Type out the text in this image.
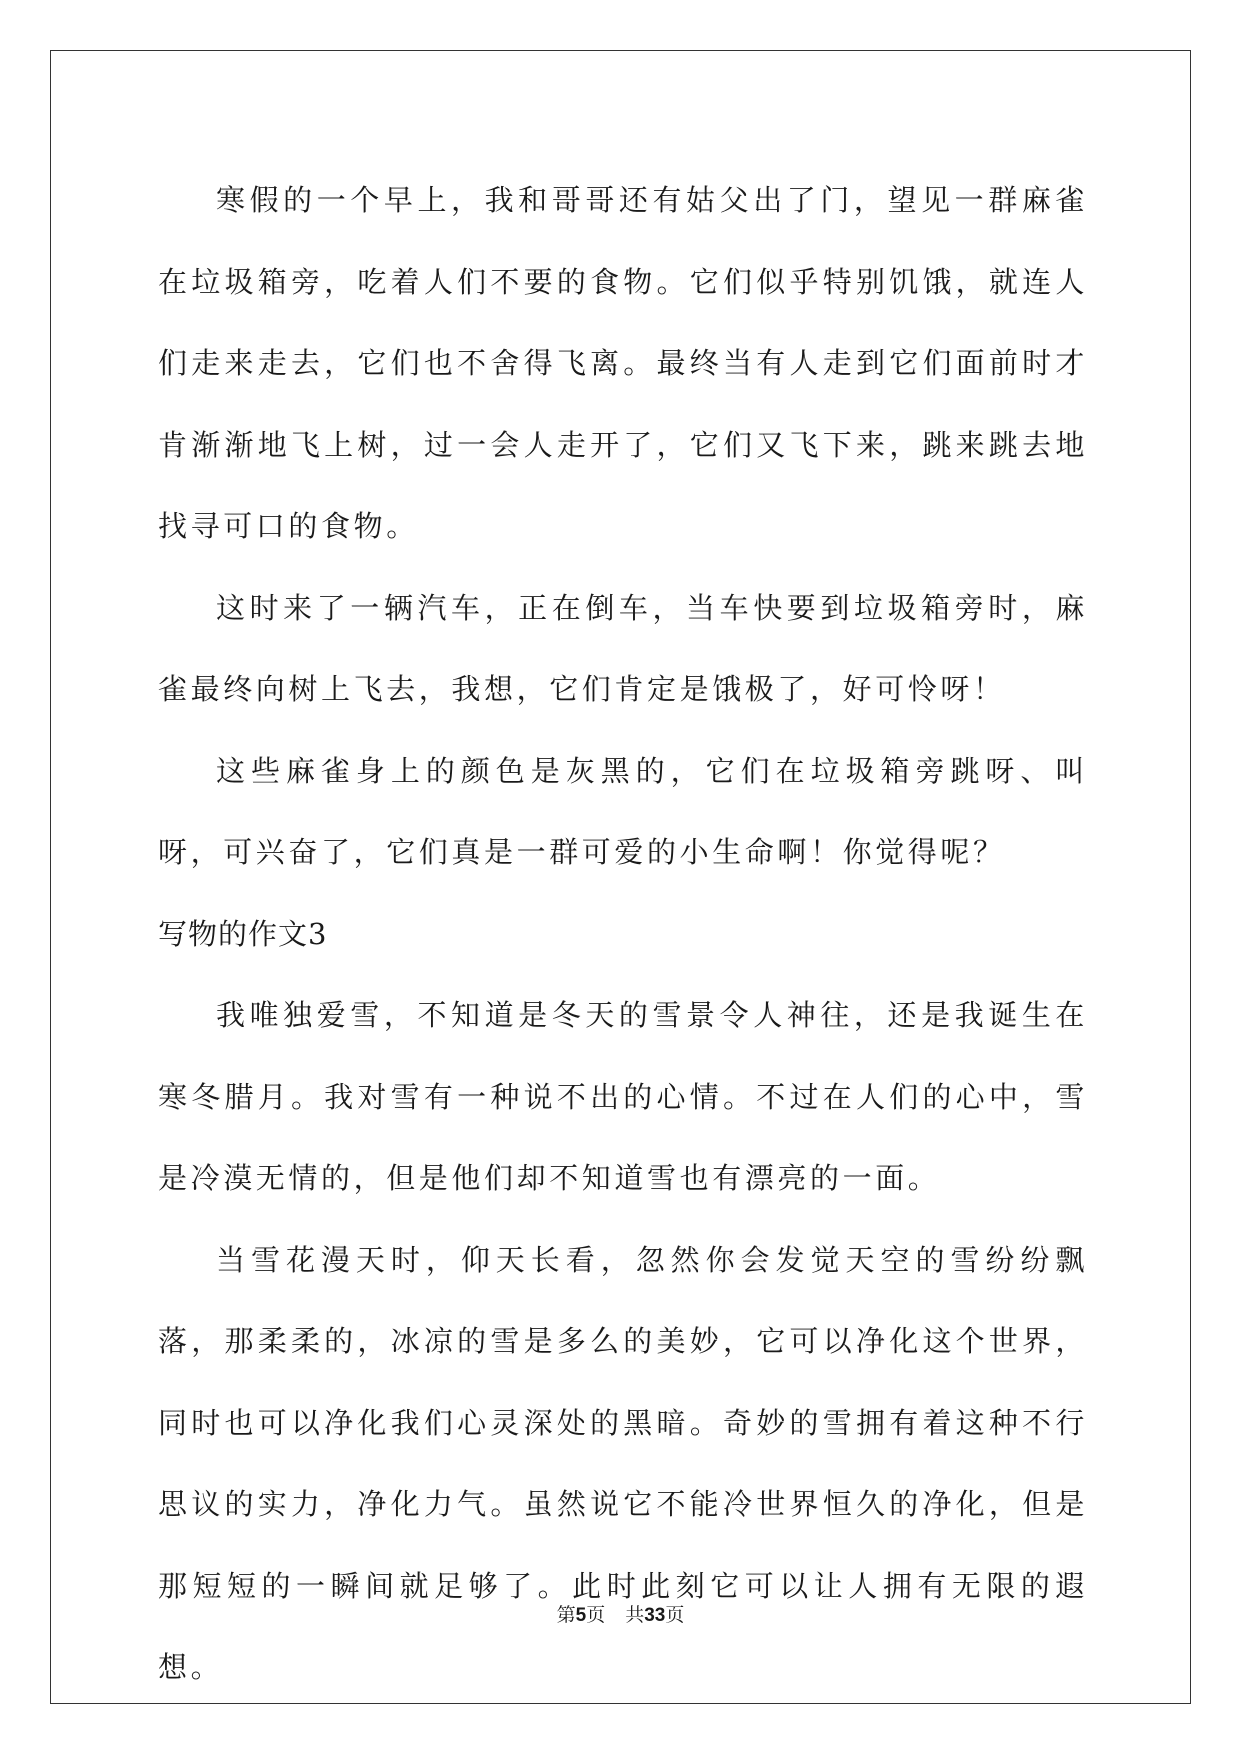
寒假的一个早上，我和哥哥还有姑父出了门，望见一群麻雀在垃圾箱旁，吃着人们不要的食物。它们似乎特别饥饿，就连人们走来走去，它们也不舍得飞离。最终当有人走到它们面前时才肯渐渐地飞上树，过一会人走开了，它们又飞下来，跳来跳去地找寻可口的食物。

这时来了一辆汽车，正在倒车，当车快要到垃圾箱旁时，麻雀最终向树上飞去，我想，它们肯定是饿极了，好可怜呀！

这些麻雀身上的颜色是灰黑的，它们在垃圾箱旁跳呀、叫呀，可兴奋了，它们真是一群可爱的小生命啊！你觉得呢？

写物的作文3

我唯独爱雪，不知道是冬天的雪景令人神往，还是我诞生在寒冬腊月。我对雪有一种说不出的心情。不过在人们的心中，雪是冷漠无情的，但是他们却不知道雪也有漂亮的一面。

当雪花漫天时，仰天长看，忽然你会发觉天空的雪纷纷飘落，那柔柔的，冰凉的雪是多么的美妙，它可以净化这个世界，同时也可以净化我们心灵深处的黑暗。奇妙的雪拥有着这种不行思议的实力，净化力气。虽然说它不能冷世界恒久的净化，但是那短短的一瞬间就足够了。此时此刻它可以让人拥有无限的遐想。

第5页 共33页
